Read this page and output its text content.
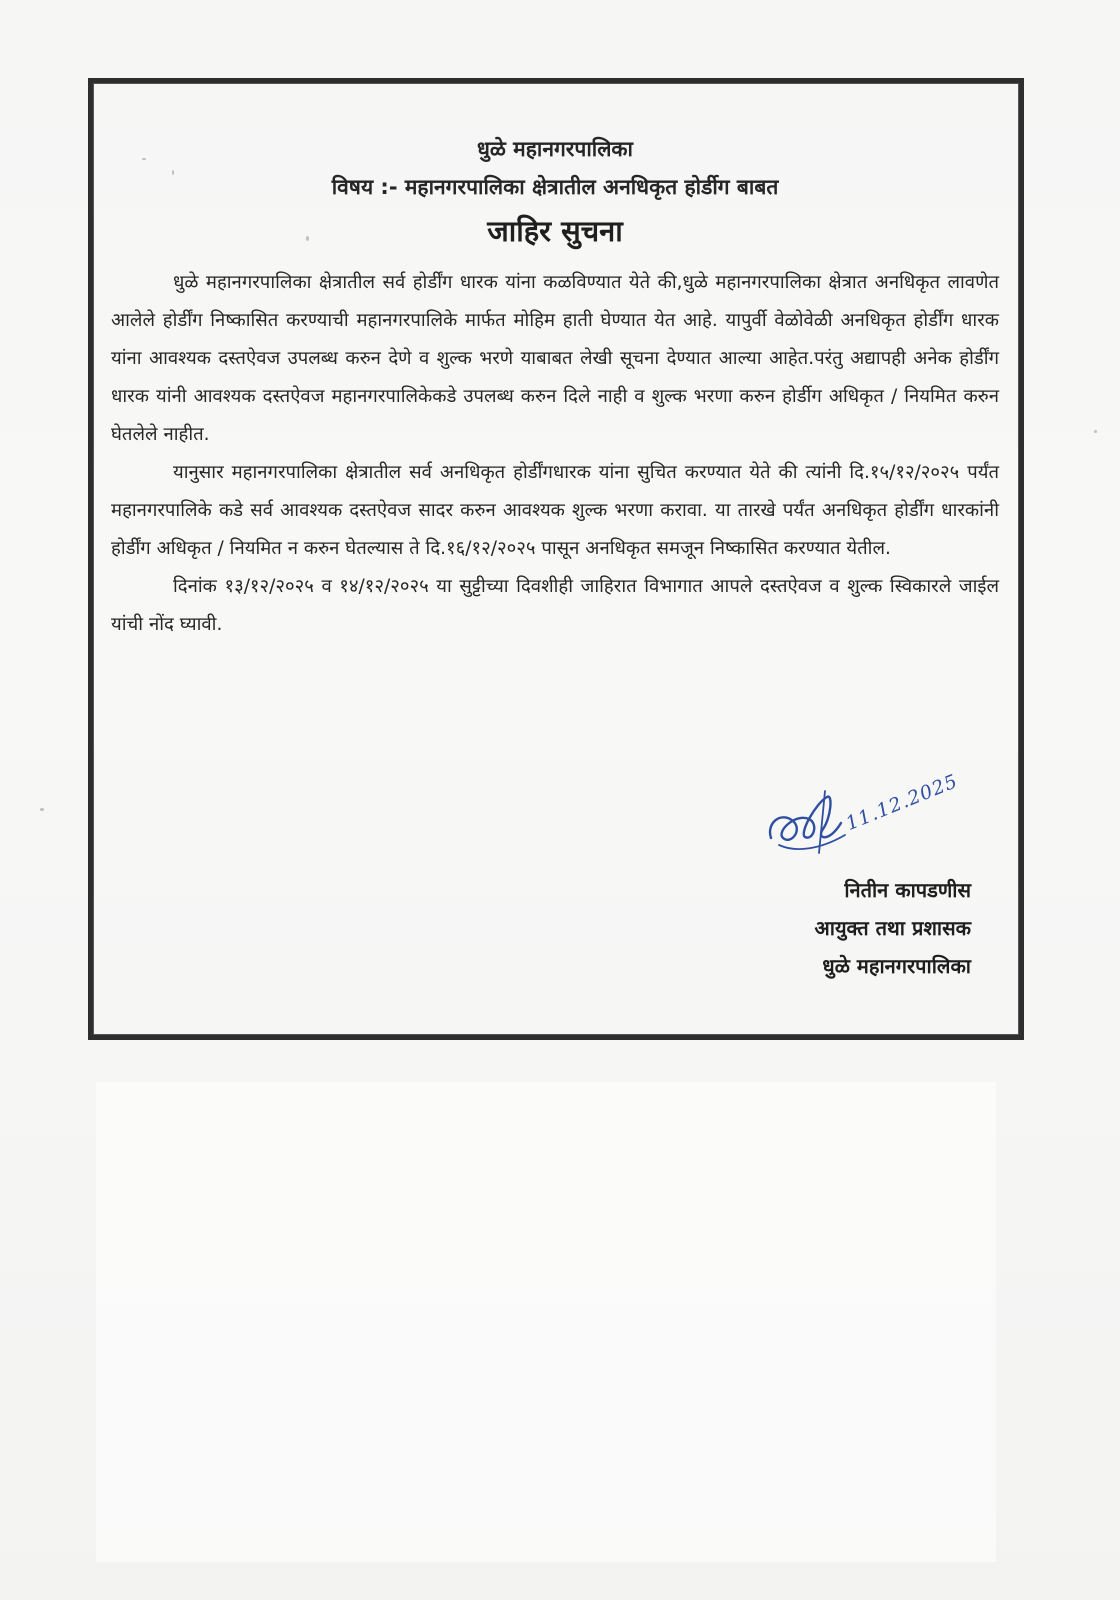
धुळे महानगरपालिका
विषय :- महानगरपालिका क्षेत्रातील अनधिकृत होर्डीग बाबत
जाहिर सुचना

धुळे महानगरपालिका क्षेत्रातील सर्व होर्डींग धारक यांना कळविण्यात येते की,धुळे महानगरपालिका क्षेत्रात अनधिकृत लावणेत आलेले होर्डींग निष्कासित करण्याची महानगरपालिके मार्फत मोहिम हाती घेण्यात येत आहे. यापुर्वी वेळोवेळी अनधिकृत होर्डींग धारक यांना आवश्यक दस्तऐवज उपलब्ध करुन देणे व शुल्क भरणे याबाबत लेखी सूचना देण्यात आल्या आहेत.परंतु अद्यापही अनेक होर्डींग धारक यांनी आवश्यक दस्तऐवज महानगरपालिकेकडे उपलब्ध करुन दिले नाही व शुल्क भरणा करुन होर्डीग अधिकृत / नियमित करुन घेतलेले नाहीत.

यानुसार महानगरपालिका क्षेत्रातील सर्व अनधिकृत होर्डींगधारक यांना सुचित करण्यात येते की त्यांनी दि.१५/१२/२०२५ पर्यंत महानगरपालिके कडे सर्व आवश्यक दस्तऐवज सादर करुन आवश्यक शुल्क भरणा करावा. या तारखे पर्यंत अनधिकृत होर्डींग धारकांनी होर्डींग अधिकृत / नियमित न करुन घेतल्यास ते दि.१६/१२/२०२५ पासून अनधिकृत समजून निष्कासित करण्यात येतील.

दिनांक १३/१२/२०२५ व १४/१२/२०२५ या सुट्टीच्या दिवशीही जाहिरात विभागात आपले दस्तऐवज व शुल्क स्विकारले जाईल यांची नोंद घ्यावी.

11.12.2025
नितीन कापडणीस
आयुक्त तथा प्रशासक
धुळे महानगरपालिका
